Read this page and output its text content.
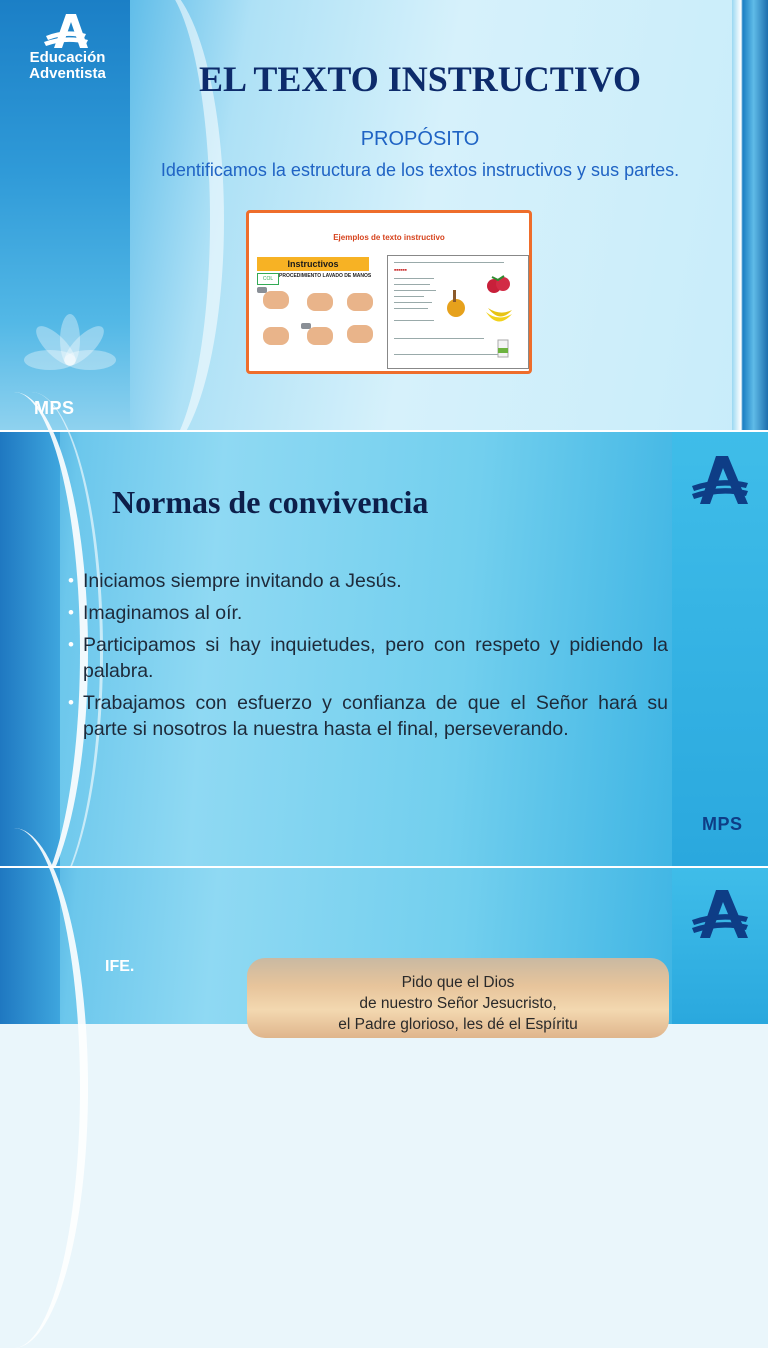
Educación
Adventista
MPS
EL TEXTO INSTRUCTIVO
PROPÓSITO
Identificamos la estructura de los textos instructivos y sus partes.
Ejemplos de texto instructivo
Instructivos
COL	PROCEDIMIENTO LAVADO DE MANOS
■■■■■■
MPS
Normas de convivencia
• Iniciamos siempre invitando a Jesús.
• Imaginamos al oír.
• Participamos si hay inquietudes, pero con respeto y pidiendo la palabra.
• Trabajamos con esfuerzo y confianza de que el Señor hará su parte si nosotros la nuestra hasta el final, perseverando.
IFE.
Pido que el Dios
de nuestro Señor Jesucristo,
el Padre glorioso, les dé el Espíritu
